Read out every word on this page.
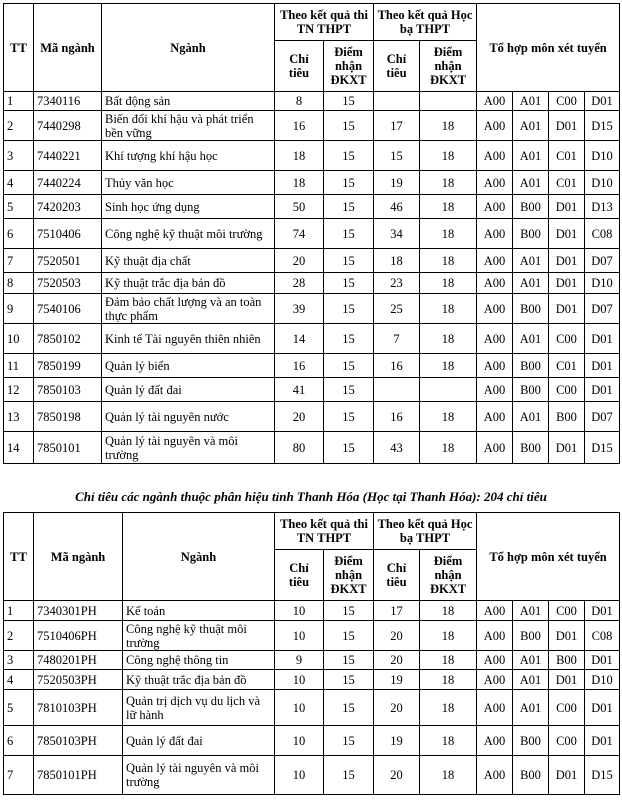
TT	Mã ngành	Ngành	Theo kết quả thi TN THPT		Theo kết quả Học bạ THPT		Tổ hợp môn xét tuyển			
			Chỉ tiêu	Điểm nhận ĐKXT	Chỉ tiêu	Điểm nhận ĐKXT				
1	7340116	Bất động sản	8	15			A00	A01	C00	D01
2	7440298	Biến đổi khí hậu và phát triển bền vững	16	15	17	18	A00	A01	D01	D15
3	7440221	Khí tượng khí hậu học	18	15	15	18	A00	A01	C01	D10
4	7440224	Thủy văn học	18	15	19	18	A00	A01	C01	D10
5	7420203	Sinh học ứng dụng	50	15	46	18	A00	B00	D01	D13
6	7510406	Công nghệ kỹ thuật môi trường	74	15	34	18	A00	B00	D01	C08
7	7520501	Kỹ thuật địa chất	20	15	18	18	A00	A01	D01	D07
8	7520503	Kỹ thuật trắc địa bản đồ	28	15	23	18	A00	A01	D01	D10
9	7540106	Đảm bảo chất lượng và an toàn thực phẩm	39	15	25	18	A00	B00	D01	D07
10	7850102	Kinh tế Tài nguyên thiên nhiên	14	15	7	18	A00	A01	C00	D01
11	7850199	Quản lý biển	16	15	16	18	A00	B00	C01	D01
12	7850103	Quản lý đất đai	41	15			A00	B00	C00	D01
13	7850198	Quản lý tài nguyên nước	20	15	16	18	A00	A01	B00	D07
14	7850101	Quản lý tài nguyên và môi trường	80	15	43	18	A00	B00	D01	D15
Chỉ tiêu các ngành thuộc phân hiệu tỉnh Thanh Hóa (Học tại Thanh Hóa): 204 chỉ tiêu
TT	Mã ngành	Ngành	Theo kết quả thi TN THPT		Theo kết quả Học bạ THPT		Tổ hợp môn xét tuyển			
			Chỉ tiêu	Điểm nhận ĐKXT	Chỉ tiêu	Điểm nhận ĐKXT				
1	7340301PH	Kế toán	10	15	17	18	A00	A01	C00	D01
2	7510406PH	Công nghệ kỹ thuật môi trường	10	15	20	18	A00	B00	D01	C08
3	7480201PH	Công nghệ thông tin	9	15	20	18	A00	A01	B00	D01
4	7520503PH	Kỹ thuật trắc địa bản đồ	10	15	19	18	A00	A01	D01	D10
5	7810103PH	Quản trị dịch vụ du lịch và lữ hành	10	15	20	18	A00	A01	C00	D01
6	7850103PH	Quản lý đất đai	10	15	19	18	A00	B00	C00	D01
7	7850101PH	Quản lý tài nguyên và môi trường	10	15	20	18	A00	B00	D01	D15
